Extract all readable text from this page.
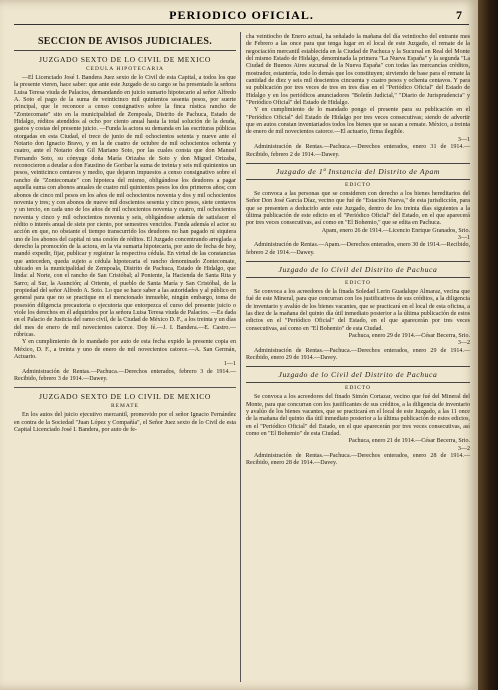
PERIODICO OFICIAL.	7
SECCION DE AVISOS JUDICIALES.
JUZGADO SEXTO DE LO CIVIL DE MEXICO
CEDULA HIPOTECARIA

—El Licenciado José I. Bandera Juez sexto de lo Civil de esta Capital, a todos los que la presente vieren, hace saber: que ante este Juzgado de su cargo se ha presentado la señora Luisa Teresa viuda de Palacios, demandando en juicio sumario hipotecario al señor Alfredo A. Soto el pago de la suma de veinticinco mil quinientos sesenta pesos, por suerte principal, que le reconoce a censo consignativo sobre la finca rústica rancho de "Zontecomate" sito en la municipalidad de Zempoala, Distrito de Pachuca, Estado de Hidalgo, réditos atendidos al ocho por ciento anual hasta la total solución de la deuda, gastos y costas del presente juicio. —Funda la actora su demanda en las escrituras públicas otorgadas en esta Ciudad, el trece de junio de mil ochocientos setenta y nueve ante el Notario don Ignacio Bravo, y en la de cuatro de octubre de mil ochocientos ochenta y cuatro, ante el Notario don Gil Mariano Soto, por las cuales consta que don Manuel Fernando Soto, su cónyuge doña María Orizaba de Soto y don Miguel Orizaba, reconocieron a deudar a don Faustino de Goribar la suma de treinta y seis mil quinientos un pesos, veinticinco centavos y medio, que dejaron impuestos a censo consignativo sobre el rancho de "Zontecomate" con hipoteca del mismo, obligándose los deudores a pagar aquella suma con abonos anuales de cuatro mil quinientos pesos los dos primeros años; con abonos de cinco mil pesos en los años de mil ochocientos noventa y dos y mil ochocientos noventa y tres; y con abonos de nueve mil doscientos sesenta y cinco pesos, siete centavos y un tercio, en cada uno de los años de mil ochocientos noventa y cuatro, mil ochocientos noventa y cinco y mil ochocientos noventa y seis, obligándose además de satisfacer el rédito o interés anual de siete por ciento, por semestres vencidos. Funda además el actor su acción en que, no obstante el tiempo transcurrido los deudores no han pagado ni siquiera uno de los abonos del capital ni una cesión de réditos. El Juzgado concentrando arreglada a derecho la promoción de la actora, en la via sumaria hipotecaria, por auto de fecha de hoy, mandó expedir, fijar, publicar y registrar la respectiva cédula. En virtud de las constancias que anteceden, queda sujeto a cédula hipotecaria el rancho denominado Zontecomate, ubicado en la municipalidad de Zempoala, Distrito de Pachuca, Estado de Hidalgo, que linda: al Norte, con el rancho de San Cristóbal; al Poniente, la Hacienda de Santa Rita y Sarro; al Sur, la Asunción; al Oriente, el pueblo de Santa María y San Cristóbal, de la propiedad del señor Alfredo A. Soto. Lo que se hace saber a las autoridades y al público en general para que no se practique en el mencionado inmueble, ningún embargo, toma de posesión diligencia precautoria o ejecutoria que entorpezca el curso del presente juicio o viole los derechos en él adquiridos por la señora Luisa Teresa viuda de Palacios. —Es dada en el Palacio de Justicia del ramo civil, de la Ciudad de México D. F., a los treinta y un días del mes de enero de mil novecientos catorce. Doy fé.—J. I. Bandera.—E. Castro.—rúbricas.

Y en cumplimiento de lo mandado por auto de esta fecha expido la presente copia en México, D. F., a treinta y uno de enero de mil novecientos catorce.—A. San Germán, Actuario.

1—1

Administración de Rentas.—Pachuca.—Derechos enterados, febrero 3 de 1914.—Recibido, febrero 3 de 1914.—Dawey.

JUZGADO SEXTO DE LO CIVIL DE MEXICO
REMATE

En los autos del juicio ejecutivo mercantil, promovido por el señor Ignacio Fernández en contra de la Sociedad "Juan López y Compañía", el Señor Juez sexto de lo Civil de esta Capital Licenciado José I. Bandera, por auto de fe-

cha veintiocho de Enero actual, ha señalado la mañana del día veintiocho del entrante mes de Febrero a las once para que tenga lugar en el local de este Juzgado, el remate de la negociación mercantil establecida en la Ciudad de Pachuca y la Sucursal en Real del Monte del mismo Estado de Hidalgo, denominada la primera "La Nueva España" y la segunda "La Ciudad de Buenos Aires sucursal de la Nueva España" con todas las mercancías créditos, mostrador, estantería, todo lo demás que los constituyen; sirviendo de base para el remate la cantidad de diez y seis mil doscientos cincuenta y cuatro pesos y ochenta centavos. Y para su publicación por tres veces de tres en tres días en el "Periódico Oficial" del Estado de Hidalgo y en los periódicos anunciadores "Boletín Judicial," "Diario de Jurisprudencia" y "Periódico Oficial" del Estado de Hidalgo.

Y en cumplimiento de lo mandado pongo el presente para su publicación en el "Periódico Oficial" del Estado de Hidalgo por tres veces consecutivas; siendo de advertir que en autos constan inventariados todos los bienes que se sacan a remate. México, a treinta de enero de mil novecientos catorce.—El actuario, firma ilegible.

3—1

Administración de Rentas.—Pachuca.—Derechos enterados, enero 31 de 1914.—Recibido, febrero 2 de 1914.—Dawey.

Juzgado de 1ª Instancia del Distrito de Apam
EDICTO

Se convoca a las personas que se consideren con derecho a los bienes hereditarios del Señor Don José García Díaz, vecino que fué de "Estación Nueva," de esta jurisdicción, para que se presenten a deducirlo ante este Juzgado, dentro de los treinta días siguientes a la última publicación de este edicto en el "Periódico Oficial" del Estado, en el que aparecerá por tres veces consecutivas, así como en "El Bohemio," que se edita en Pachuca.

Apam, enero 26 de 1914.—Licencio Enrique Granados, Srio.

3—1

Administración de Rentas.—Apam.—Derechos enterados, enero 30 de 1914.—Recibido, febrero 2 de 1914.—Dawey.

Juzgado de lo Civil del Distrito de Pachuca
EDICTO

Se convoca a los acreedores de la finada Soledad Lerin Guadalupe Almaraz, vecina que fué de este Mineral, para que concurran con los justificativos de sus créditos, a la diligencia de inventario y avalúo de los bienes vacantes, que se practicará en el local de esta oficina, a las diez de la mañana del quinto día útil inmediato posterior a la última publicación de estos edictos en el "Periódico Oficial" del Estado, en el que aparecerán por tres veces consecutivas, así como en "El Bohemio" de esta Ciudad.

Pachuca, enero 29 de 1914.—César Becerra, Srio.

3—2

Administración de Rentas.—Pachuca.—Derechos enterados, enero 29 de 1914.—Recibido, enero 29 de 1914.—Davey.

Juzgado de lo Civil del Distrito de Pachuca
EDICTO

Se convoca a los acreedores del finado Simón Cortazar, vecino que fué del Mineral del Monte, para que concurran con los justificantes de sus créditos, a la diligencia de inventario y avalúo de los bienes vacantes, que se practicará en el local de este Juzgado, a las 11 once de la mañana del quinto día útil inmediato posterior a la última publicación de estos edictos, en el "Periódico Oficial" del Estado, en el que aparecerán por tres veces consecutivas, así como en "El Bohemio" de esta Ciudad.

Pachuca, enero 21 de 1914.—César Becerra, Srio.

3—2

Administración de Rentas.—Pachuca.—Derechos enterados, enero 28 de 1914.—Recibido, enero 28 de 1914.—Davey.
